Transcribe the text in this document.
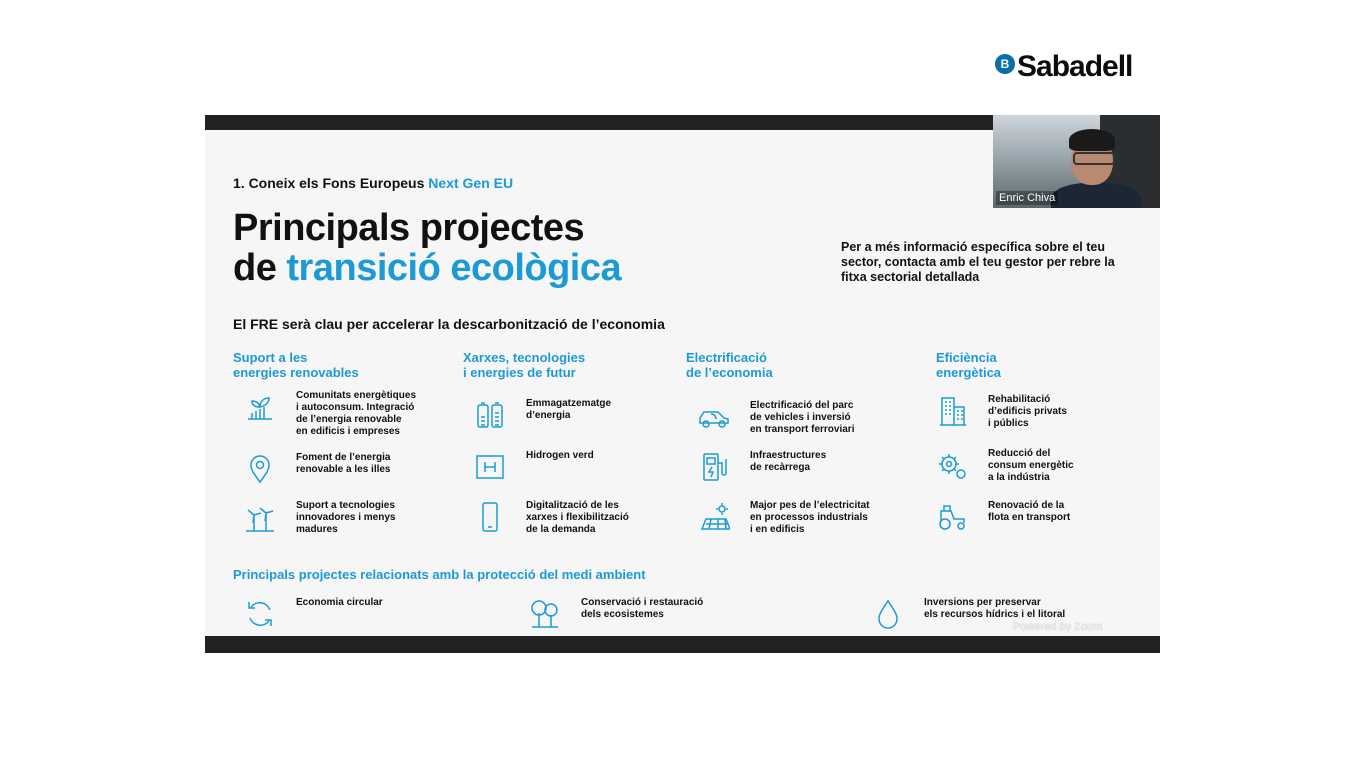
B Sabadell
1. Coneix els Fons Europeus Next Gen EU
Principals projectes
de transició ecològica	Per a més informació específica sobre el teu sector, contacta amb el teu gestor per rebre la fitxa sectorial detallada
El FRE serà clau per accelerar la descarbonització de l’economia
Suport a les
energies renovables
Xarxes, tecnologies
i energies de futur
Electrificació
de l’economia
Eficiència
energètica
Comunitats energètiques
i autoconsum. Integració
de l’energia renovable
en edificis i empreses
Foment de l’energia
renovable a les illes
Suport a tecnologies
innovadores i menys
madures
Emmagatzematge
d’energia
Hidrogen verd
Digitalització de les
xarxes i flexibilització
de la demanda
Electrificació del parc
de vehicles i inversió
en transport ferroviari
Infraestructures
de recàrrega
Major pes de l’electricitat
en processos industrials
i en edificis
Rehabilitació
d’edificis privats
i públics
Reducció del
consum energètic
a la indústria
Renovació de la
flota en transport
Principals projectes relacionats amb la protecció del medi ambient
Economia circular	Conservació i restauració
dels ecosistemes
Inversions per preservar
els recursos hídrics i el litoral
Powered by Zoom
Enric Chiva
